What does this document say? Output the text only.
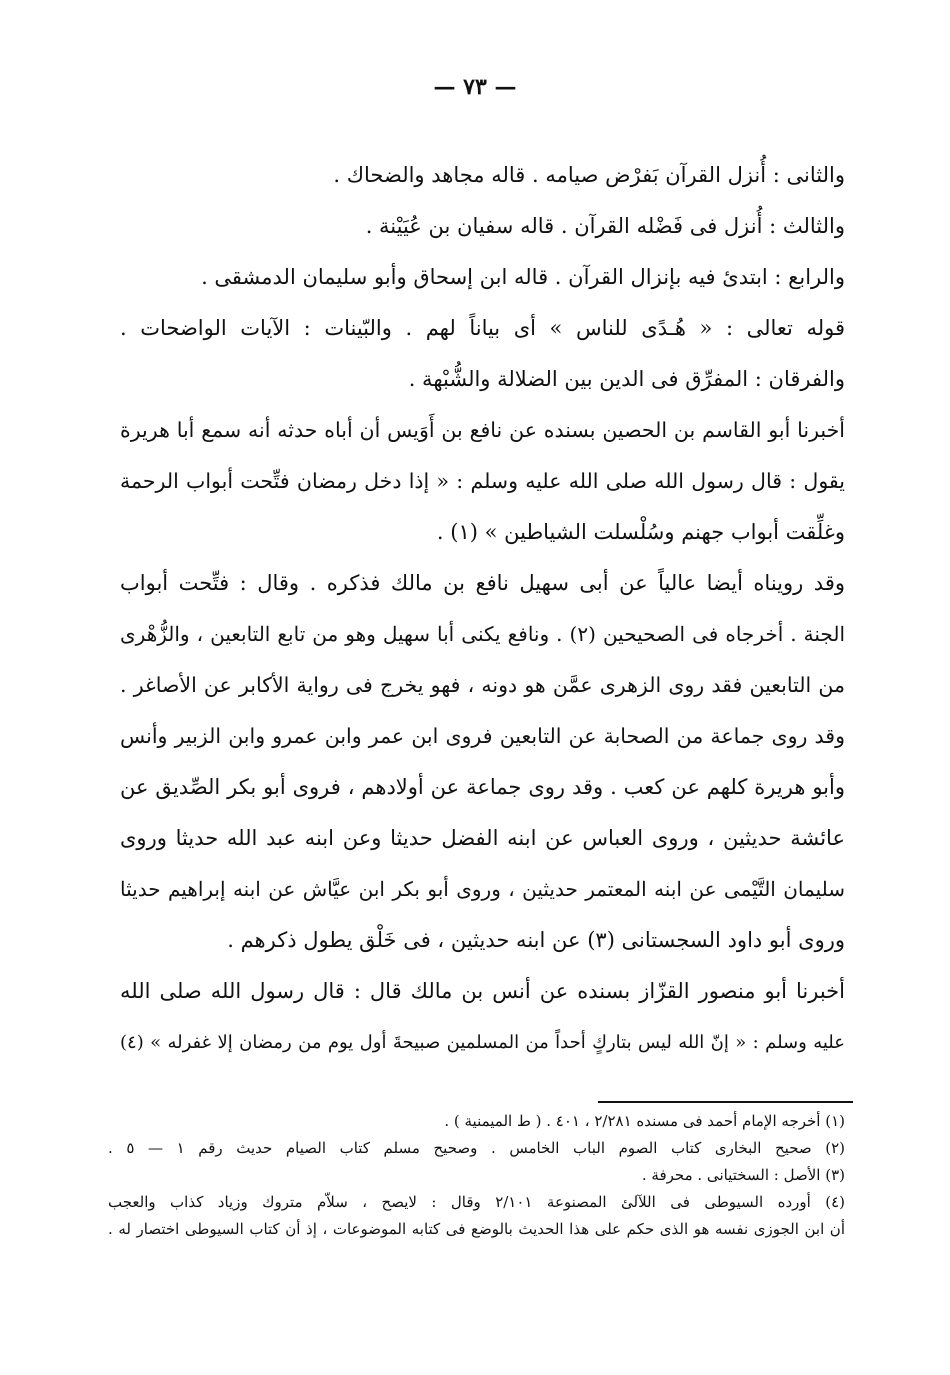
— ٧٣ —
والثانى : أُنزل القرآن بَفرْض صيامه . قاله مجاهد والضحاك .
والثالث : أُنزل فى فَضْله القرآن . قاله سفيان بن عُيَيْنة .
والرابع : ابتدئ فيه بإنزال القرآن . قاله ابن إسحاق وأبو سليمان الدمشقى .
قوله تعالى : « هُـدًى للناس » أى بياناً لهم . والبّينات : الآيات الواضحات .
والفرقان : المفرِّق فى الدين بين الضلالة والشُّبْهة .
أخبرنا أبو القاسم بن الحصين بسنده عن نافع بن أَوَيس أن أباه حدثه أنه سمع أبا هريرة
يقول : قال رسول الله صلى الله عليه وسلم : « إذا دخل رمضان فتِّحت أبواب الرحمة
وغلِّقت أبواب جهنم وسُلْسلت الشياطين » (١) .
وقد رويناه أيضا عالياً عن أبى سهيل نافع بن مالك فذكره . وقال : فتِّحت أبواب
الجنة . أخرجاه فى الصحيحين (٢) . ونافع يكنى أبا سهيل وهو من تابع التابعين ، والزُّهْرى
من التابعين فقد روى الزهرى عمَّن هو دونه ، فهو يخرج فى رواية الأكابر عن الأصاغر .
وقد روى جماعة من الصحابة عن التابعين فروى ابن عمر وابن عمرو وابن الزبير وأنس
وأبو هريرة كلهم عن كعب . وقد روى جماعة عن أولادهم ، فروى أبو بكر الصِّديق عن
عائشة حديثين ، وروى العباس عن ابنه الفضل حديثا وعن ابنه عبد الله حديثا وروى
سليمان التَّيْمى عن ابنه المعتمر حديثين ، وروى أبو بكر ابن عيَّاش عن ابنه إبراهيم حديثا
وروى أبو داود السجستانى (٣) عن ابنه حديثين ، فى خَلْق يطول ذكرهم .
أخبرنا أبو منصور القزّاز بسنده عن أنس بن مالك قال : قال رسول الله صلى الله
عليه وسلم : « إنّ الله ليس بتاركٍ أحداً من المسلمين صبيحةَ أول يوم من رمضان إلا غفرله » (٤)
(١) أخرجه الإمام أحمد فى مسنده ٢/٢٨١ ، ٤٠١ . ( ط الميمنية ) .
(٢) صحيح البخارى كتاب الصوم الباب الخامس . وصحيح مسلم كتاب الصيام حديث رقم ١ — ٥ .
(٣) الأصل : السختيانى . محرفة .
(٤) أورده السيوطى فى اللآلئ المصنوعة ٢/١٠١ وقال : لايصح ، سلاّم متروك وزياد كذاب والعجب
أن ابن الجوزى نفسه هو الذى حكم على هذا الحديث بالوضع فى كتابه الموضوعات ، إذ أن كتاب السيوطى اختصار له .
